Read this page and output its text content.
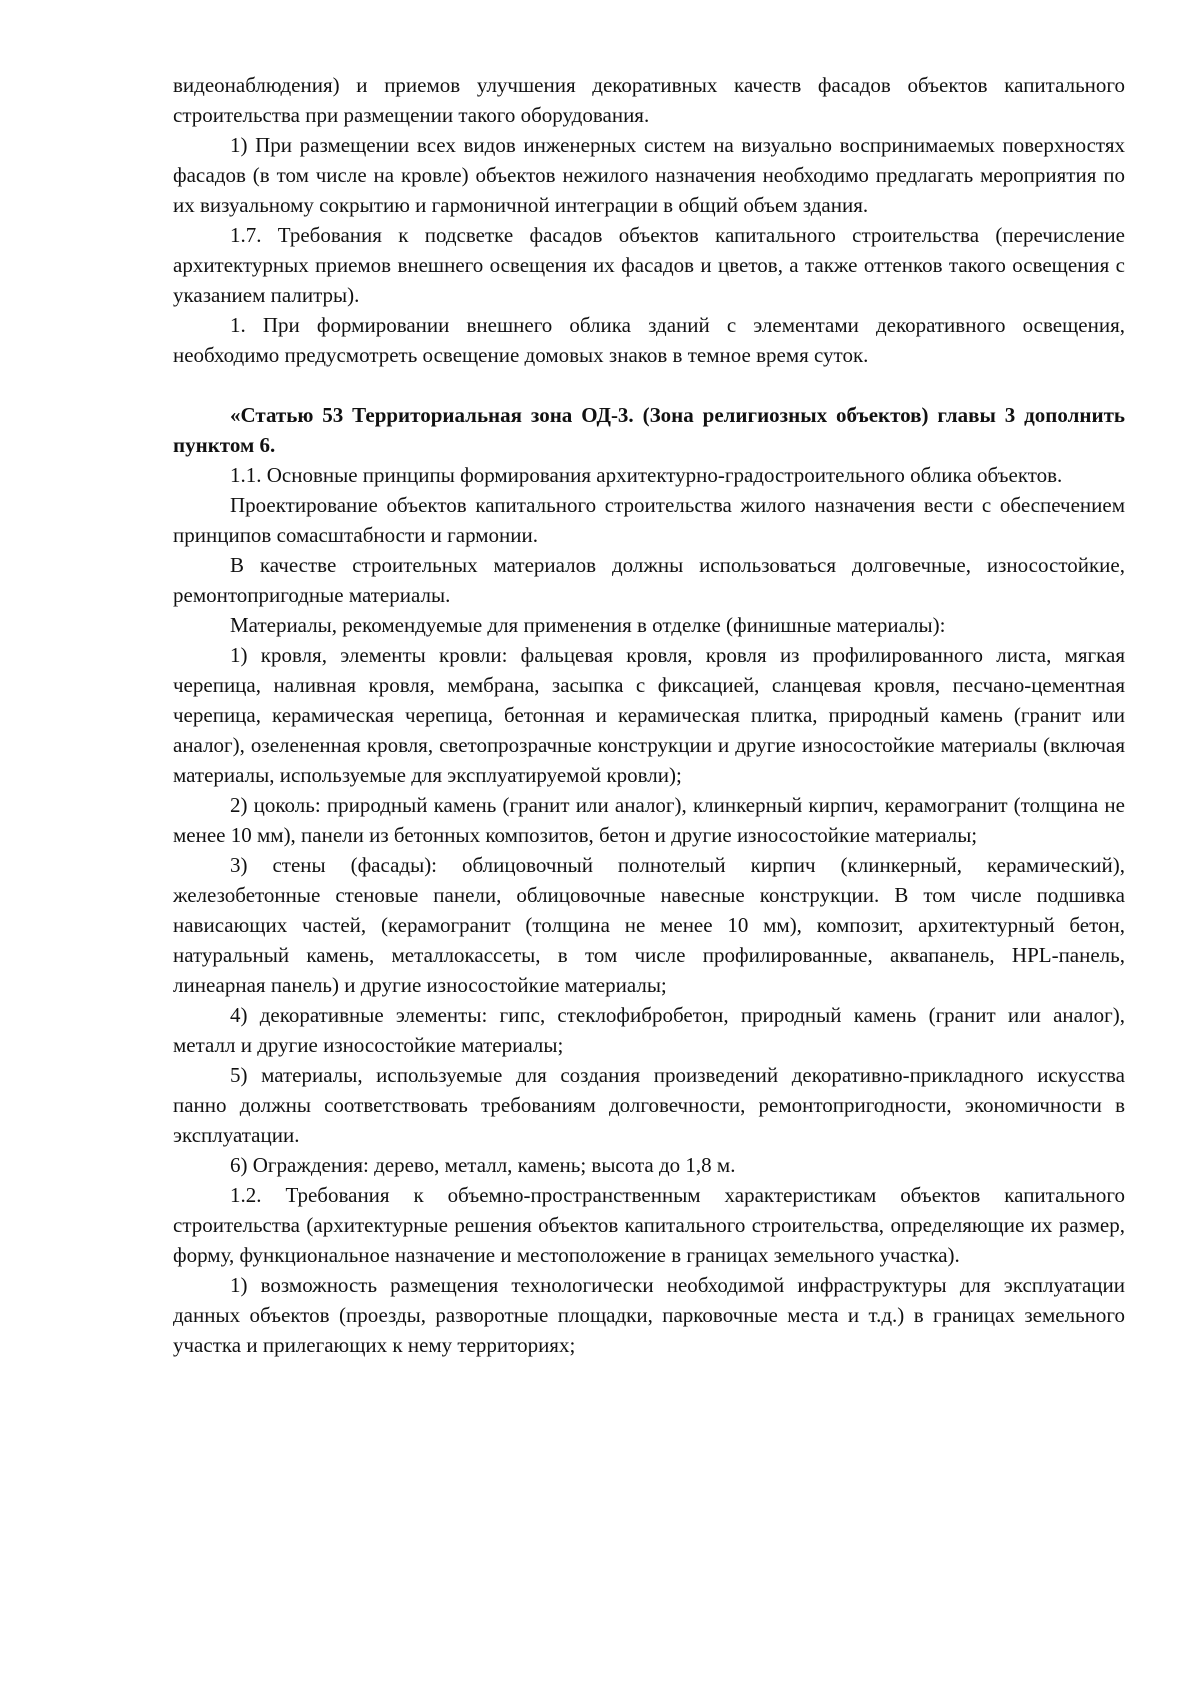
видеонаблюдения) и приемов улучшения декоративных качеств фасадов объектов капитального строительства при размещении такого оборудования.

1) При размещении всех видов инженерных систем на визуально воспринимаемых поверхностях фасадов (в том числе на кровле) объектов нежилого назначения необходимо предлагать мероприятия по их визуальному сокрытию и гармоничной интеграции в общий объем здания.

1.7. Требования к подсветке фасадов объектов капитального строительства (перечисление архитектурных приемов внешнего освещения их фасадов и цветов, а также оттенков такого освещения с указанием палитры).

1. При формировании внешнего облика зданий с элементами декоративного освещения, необходимо предусмотреть освещение домовых знаков в темное время суток.

«Статью 53 Территориальная зона ОД-3. (Зона религиозных объектов) главы 3 дополнить пунктом 6.

1.1. Основные принципы формирования архитектурно-градостроительного облика объектов.

Проектирование объектов капитального строительства жилого назначения вести с обеспечением принципов сомасштабности и гармонии.

В качестве строительных материалов должны использоваться долговечные, износостойкие, ремонтопригодные материалы.

Материалы, рекомендуемые для применения в отделке (финишные материалы):

1) кровля, элементы кровли: фальцевая кровля, кровля из профилированного листа, мягкая черепица, наливная кровля, мембрана, засыпка с фиксацией, сланцевая кровля, песчано-цементная черепица, керамическая черепица, бетонная и керамическая плитка, природный камень (гранит или аналог), озелененная кровля, светопрозрачные конструкции и другие износостойкие материалы (включая материалы, используемые для эксплуатируемой кровли);

2) цоколь: природный камень (гранит или аналог), клинкерный кирпич, керамогранит (толщина не менее 10 мм), панели из бетонных композитов, бетон и другие износостойкие материалы;

3) стены (фасады): облицовочный полнотелый кирпич (клинкерный, керамический), железобетонные стеновые панели, облицовочные навесные конструкции. В том числе подшивка нависающих частей, (керамогранит (толщина не менее 10 мм), композит, архитектурный бетон, натуральный камень, металлокассеты, в том числе профилированные, аквапанель, HPL-панель, линеарная панель) и другие износостойкие материалы;

4) декоративные элементы: гипс, стеклофибробетон, природный камень (гранит или аналог), металл и другие износостойкие материалы;

5) материалы, используемые для создания произведений декоративно-прикладного искусства панно должны соответствовать требованиям долговечности, ремонтопригодности, экономичности в эксплуатации.

6) Ограждения: дерево, металл, камень; высота до 1,8 м.

1.2. Требования к объемно-пространственным характеристикам объектов капитального строительства (архитектурные решения объектов капитального строительства, определяющие их размер, форму, функциональное назначение и местоположение в границах земельного участка).

1) возможность размещения технологически необходимой инфраструктуры для эксплуатации данных объектов (проезды, разворотные площадки, парковочные места и т.д.) в границах земельного участка и прилегающих к нему территориях;
